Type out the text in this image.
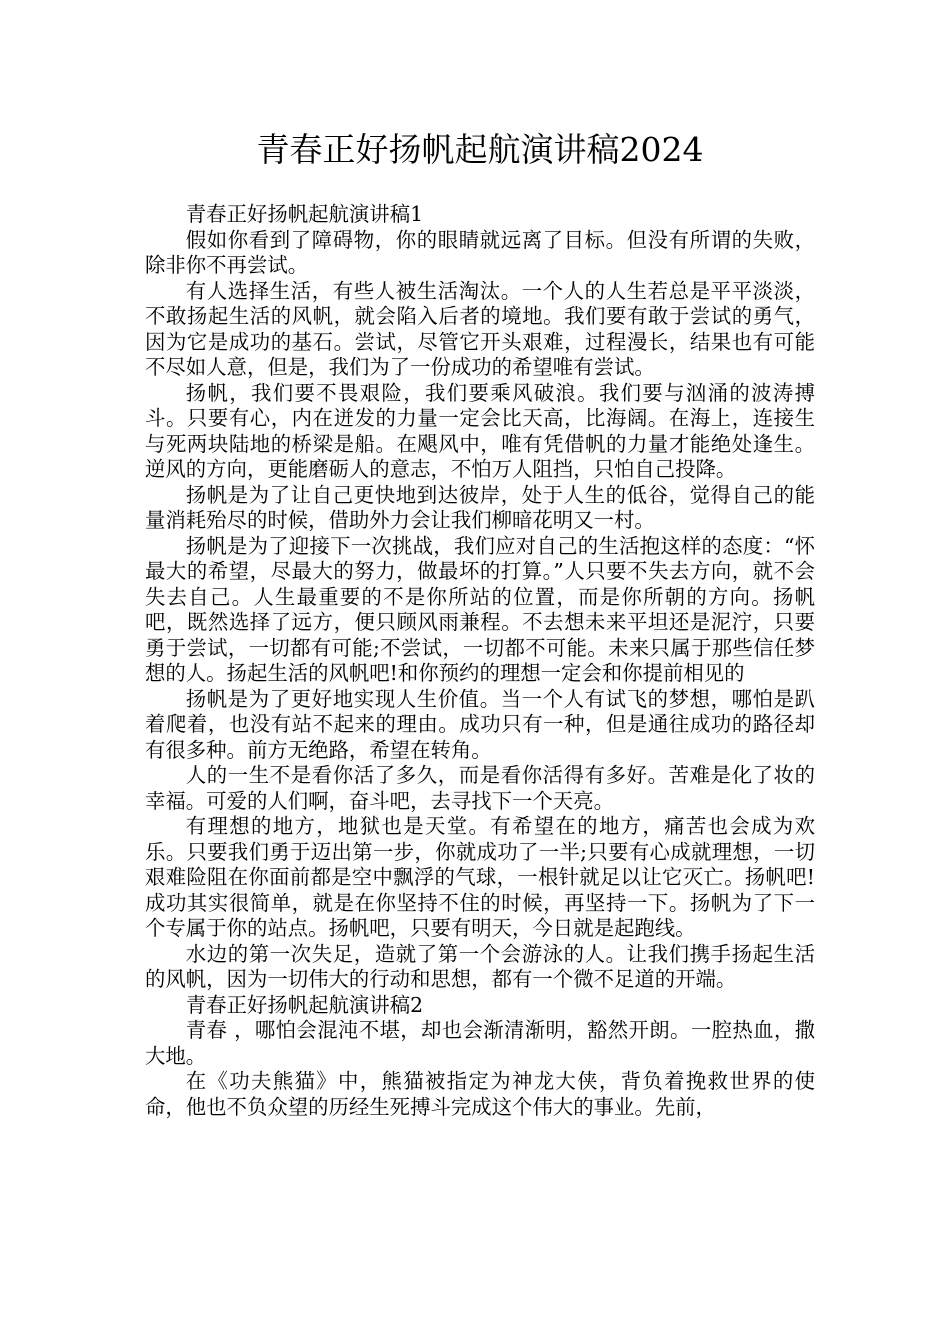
青春正好扬帆起航演讲稿2024

青春正好扬帆起航演讲稿1

假如你看到了障碍物，你的眼睛就远离了目标。但没有所谓的失败，除非你不再尝试。

有人选择生活，有些人被生活淘汰。一个人的人生若总是平平淡淡，不敢扬起生活的风帆，就会陷入后者的境地。我们要有敢于尝试的勇气，因为它是成功的基石。尝试，尽管它开头艰难，过程漫长，结果也有可能不尽如人意，但是，我们为了一份成功的希望唯有尝试。

扬帆，我们要不畏艰险，我们要乘风破浪。我们要与汹涌的波涛搏斗。只要有心，内在迸发的力量一定会比天高，比海阔。在海上，连接生与死两块陆地的桥梁是船。在飓风中，唯有凭借帆的力量才能绝处逢生。逆风的方向，更能磨砺人的意志，不怕万人阻挡，只怕自己投降。

扬帆是为了让自己更快地到达彼岸，处于人生的低谷，觉得自己的能量消耗殆尽的时候，借助外力会让我们柳暗花明又一村。

扬帆是为了迎接下一次挑战，我们应对自己的生活抱这样的态度：“怀最大的希望，尽最大的努力，做最坏的打算。”人只要不失去方向，就不会失去自己。人生最重要的不是你所站的位置，而是你所朝的方向。扬帆吧，既然选择了远方，便只顾风雨兼程。不去想未来平坦还是泥泞，只要勇于尝试，一切都有可能;不尝试，一切都不可能。未来只属于那些信任梦想的人。扬起生活的风帆吧!和你预约的理想一定会和你提前相见的

扬帆是为了更好地实现人生价值。当一个人有试飞的梦想，哪怕是趴着爬着，也没有站不起来的理由。成功只有一种，但是通往成功的路径却有很多种。前方无绝路，希望在转角。

人的一生不是看你活了多久，而是看你活得有多好。苦难是化了妆的幸福。可爱的人们啊，奋斗吧，去寻找下一个天亮。

有理想的地方，地狱也是天堂。有希望在的地方，痛苦也会成为欢乐。只要我们勇于迈出第一步，你就成功了一半;只要有心成就理想，一切艰难险阻在你面前都是空中飘浮的气球，一根针就足以让它灭亡。扬帆吧!成功其实很简单，就是在你坚持不住的时候，再坚持一下。扬帆为了下一个专属于你的站点。扬帆吧，只要有明天，今日就是起跑线。

水边的第一次失足，造就了第一个会游泳的人。让我们携手扬起生活的风帆，因为一切伟大的行动和思想，都有一个微不足道的开端。

青春正好扬帆起航演讲稿2

青春 ，哪怕会混沌不堪，却也会渐清渐明，豁然开朗。一腔热血，撒大地。

在《功夫熊猫》中，熊猫被指定为神龙大侠，背负着挽救世界的使命，他也不负众望的历经生死搏斗完成这个伟大的事业。先前，
